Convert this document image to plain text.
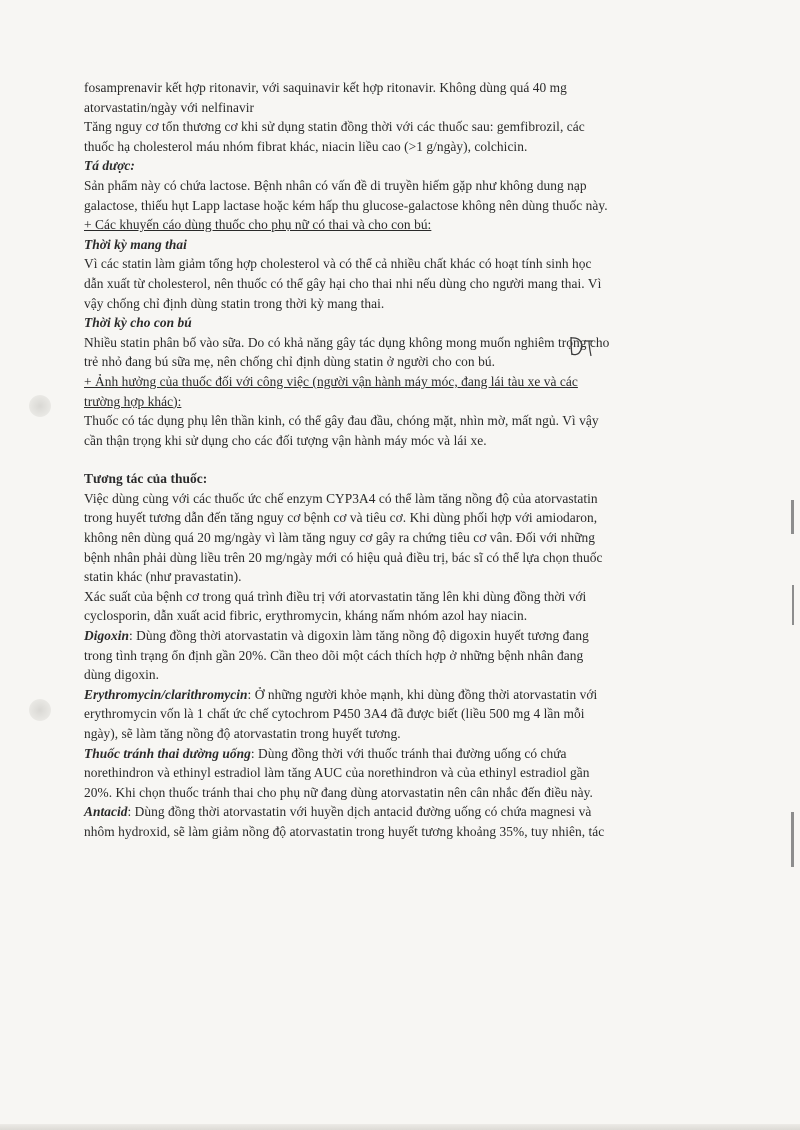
fosamprenavir kết hợp ritonavir, với saquinavir kết hợp ritonavir. Không dùng quá 40 mg
atorvastatin/ngày với nelfinavir
Tăng nguy cơ tổn thương cơ khi sử dụng statin đồng thời với các thuốc sau: gemfibrozil, các
thuốc hạ cholesterol máu nhóm fibrat khác, niacin liều cao (>1 g/ngày), colchicin.
Tá dược:
Sản phẩm này có chứa lactose. Bệnh nhân có vấn đề di truyền hiếm gặp như không dung nạp
galactose, thiếu hụt Lapp lactase hoặc kém hấp thu glucose-galactose không nên dùng thuốc này.
+ Các khuyến cáo dùng thuốc cho phụ nữ có thai và cho con bú:
Thời kỳ mang thai
Vì các statin làm giảm tổng hợp cholesterol và có thể cả nhiều chất khác có hoạt tính sinh học
dẫn xuất từ cholesterol, nên thuốc có thể gây hại cho thai nhi nếu dùng cho người mang thai. Vì
vậy chống chỉ định dùng statin trong thời kỳ mang thai.
Thời kỳ cho con bú
Nhiều statin phân bố vào sữa. Do có khả năng gây tác dụng không mong muốn nghiêm trọng cho
trẻ nhỏ đang bú sữa mẹ, nên chống chỉ định dùng statin ở người cho con bú.
+ Ảnh hưởng của thuốc đối với công việc (người vận hành máy móc, đang lái tàu xe và các
trường hợp khác):
Thuốc có tác dụng phụ lên thần kinh, có thể gây đau đầu, chóng mặt, nhìn mờ, mất ngủ. Vì vậy
cần thận trọng khi sử dụng cho các đối tượng vận hành máy móc và lái xe.
Tương tác của thuốc:
Việc dùng cùng với các thuốc ức chế enzym CYP3A4 có thể làm tăng nồng độ của atorvastatin
trong huyết tương dẫn đến tăng nguy cơ bệnh cơ và tiêu cơ. Khi dùng phối hợp với amiodaron,
không nên dùng quá 20 mg/ngày vì làm tăng nguy cơ gây ra chứng tiêu cơ vân. Đối với những
bệnh nhân phải dùng liều trên 20 mg/ngày mới có hiệu quả điều trị, bác sĩ có thể lựa chọn thuốc
statin khác (như pravastatin).
Xác suất của bệnh cơ trong quá trình điều trị với atorvastatin tăng lên khi dùng đồng thời với
cyclosporin, dẫn xuất acid fibric, erythromycin, kháng nấm nhóm azol hay niacin.
Digoxin: Dùng đồng thời atorvastatin và digoxin làm tăng nồng độ digoxin huyết tương đang
trong tình trạng ổn định gần 20%. Cần theo dõi một cách thích hợp ở những bệnh nhân đang
dùng digoxin.
Erythromycin/clarithromycin: Ở những người khỏe mạnh, khi dùng đồng thời atorvastatin với
erythromycin vốn là 1 chất ức chế cytochrom P450 3A4 đã được biết (liều 500 mg 4 lần mỗi
ngày), sẽ làm tăng nồng độ atorvastatin trong huyết tương.
Thuốc tránh thai dường uống: Dùng đồng thời với thuốc tránh thai đường uống có chứa
norethindron và ethinyl estradiol làm tăng AUC của norethindron và của ethinyl estradiol gần
20%. Khi chọn thuốc tránh thai cho phụ nữ đang dùng atorvastatin nên cân nhắc đến điều này.
Antacid: Dùng đồng thời atorvastatin với huyền dịch antacid đường uống có chứa magnesi và
nhôm hydroxid, sẽ làm giảm nồng độ atorvastatin trong huyết tương khoảng 35%, tuy nhiên, tác
